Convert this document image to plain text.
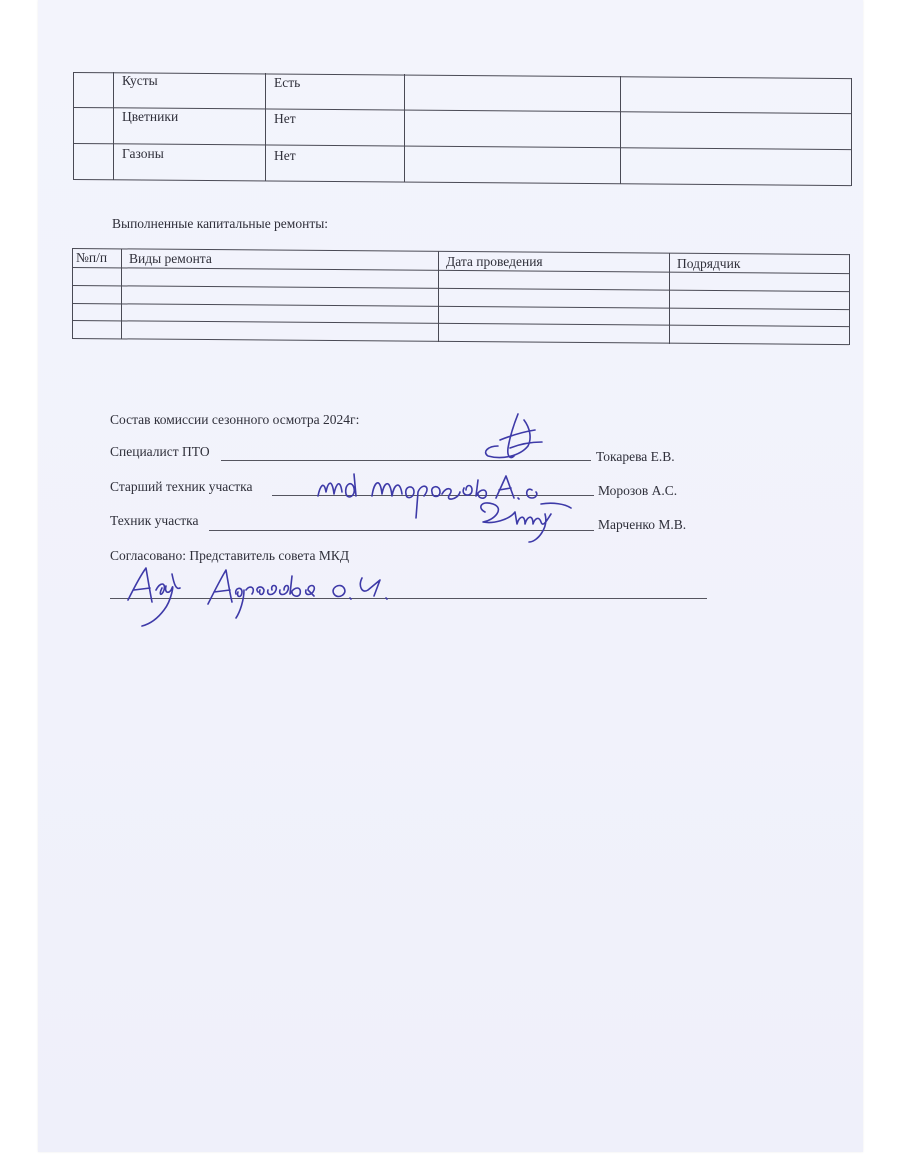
Кусты	Есть
Цветники	Нет
Газоны	Нет
Выполненные капитальные ремонты:
№п/п Виды ремонта	Дата проведения	Подрядчик
Состав комиссии сезонного осмотра 2024г:
Специалист ПТО	Токарева Е.В.
Старший техник участка	Морозов А.С.
Техник участка	Марченко М.В.
Согласовано: Представитель совета МКД
